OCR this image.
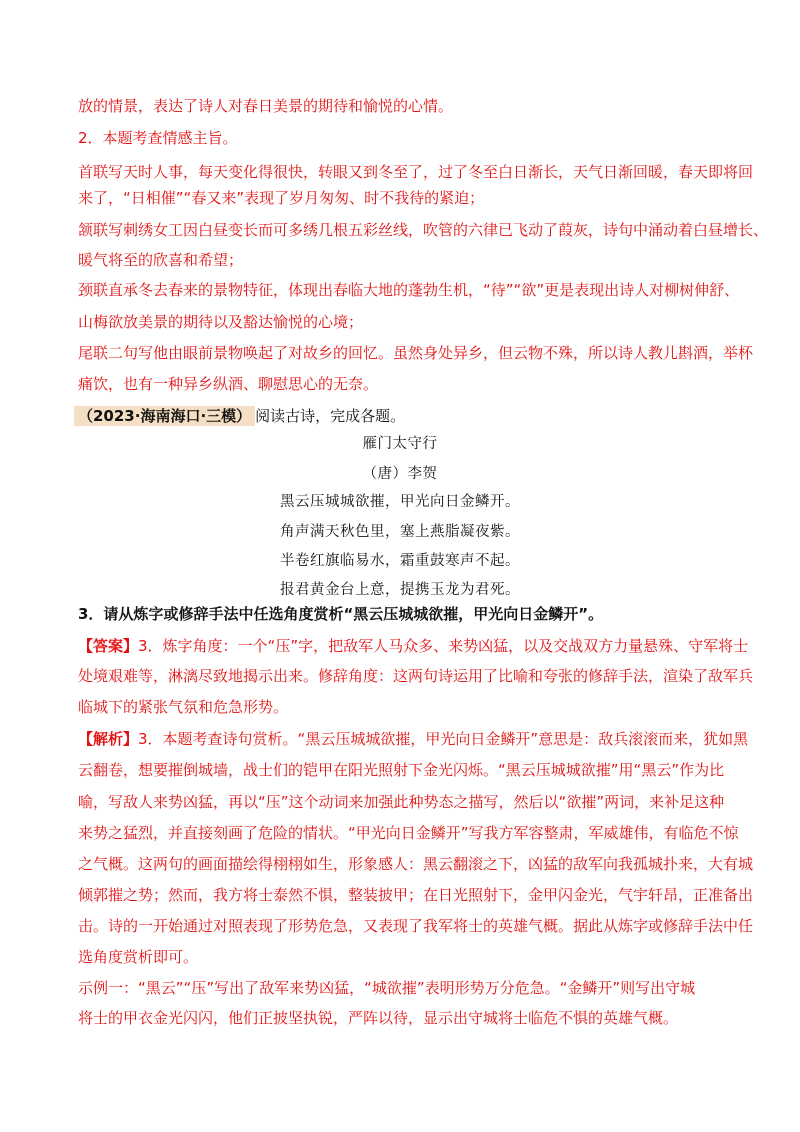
放的情景，表达了诗人对春日美景的期待和愉悦的心情。
2．本题考查情感主旨。
首联写天时人事，每天变化得很快，转眼又到冬至了，过了冬至白日渐长，天气日渐回暖，春天即将回
来了，“日相催”“春又来”表现了岁月匆匆、时不我待的紧迫；
颔联写刺绣女工因白昼变长而可多绣几根五彩丝线，吹管的六律已飞动了葭灰，诗句中涌动着白昼增长、
暖气将至的欣喜和希望；
颈联直承冬去春来的景物特征，体现出春临大地的蓬勃生机，“待”“欲”更是表现出诗人对柳树伸舒、
山梅欲放美景的期待以及豁达愉悦的心境；
尾联二句写他由眼前景物唤起了对故乡的回忆。虽然身处异乡，但云物不殊，所以诗人教儿斟酒，举杯
痛饮，也有一种异乡纵酒、聊慰思心的无奈。
（2023·海南海口·三模） 阅读古诗，完成各题。
雁门太守行
（唐）李贺
黑云压城城欲摧，甲光向日金鳞开。
角声满天秋色里，塞上燕脂凝夜紫。
半卷红旗临易水，霜重鼓寒声不起。
报君黄金台上意，提携玉龙为君死。
3．请从炼字或修辞手法中任选角度赏析“黑云压城城欲摧，甲光向日金鳞开”。
【答案】3．炼字角度：一个“压”字，把敌军人马众多、来势凶猛，以及交战双方力量悬殊、守军将士
处境艰难等，淋漓尽致地揭示出来。修辞角度：这两句诗运用了比喻和夸张的修辞手法，渲染了敌军兵
临城下的紧张气氛和危急形势。
【解析】3．本题考查诗句赏析。“黑云压城城欲摧，甲光向日金鳞开”意思是：敌兵滚滚而来，犹如黑
云翻卷，想要摧倒城墙，战士们的铠甲在阳光照射下金光闪烁。“黑云压城城欲摧”用“黑云”作为比
喻，写敌人来势凶猛，再以“压”这个动词来加强此种势态之描写，然后以“欲摧”两词，来补足这种
来势之猛烈，并直接刻画了危险的情状。“甲光向日金鳞开”写我方军容整肃，军威雄伟，有临危不惊
之气概。这两句的画面描绘得栩栩如生，形象感人：黑云翻滚之下，凶猛的敌军向我孤城扑来，大有城
倾郭摧之势；然而，我方将士泰然不惧，整装披甲；在日光照射下，金甲闪金光，气宇轩昂，正准备出
击。诗的一开始通过对照表现了形势危急，又表现了我军将士的英雄气概。据此从炼字或修辞手法中任
选角度赏析即可。
示例一：“黑云”“压”写出了敌军来势凶猛，“城欲摧”表明形势万分危急。“金鳞开”则写出守城
将士的甲衣金光闪闪，他们正披坚执锐，严阵以待，显示出守城将士临危不惧的英雄气概。
